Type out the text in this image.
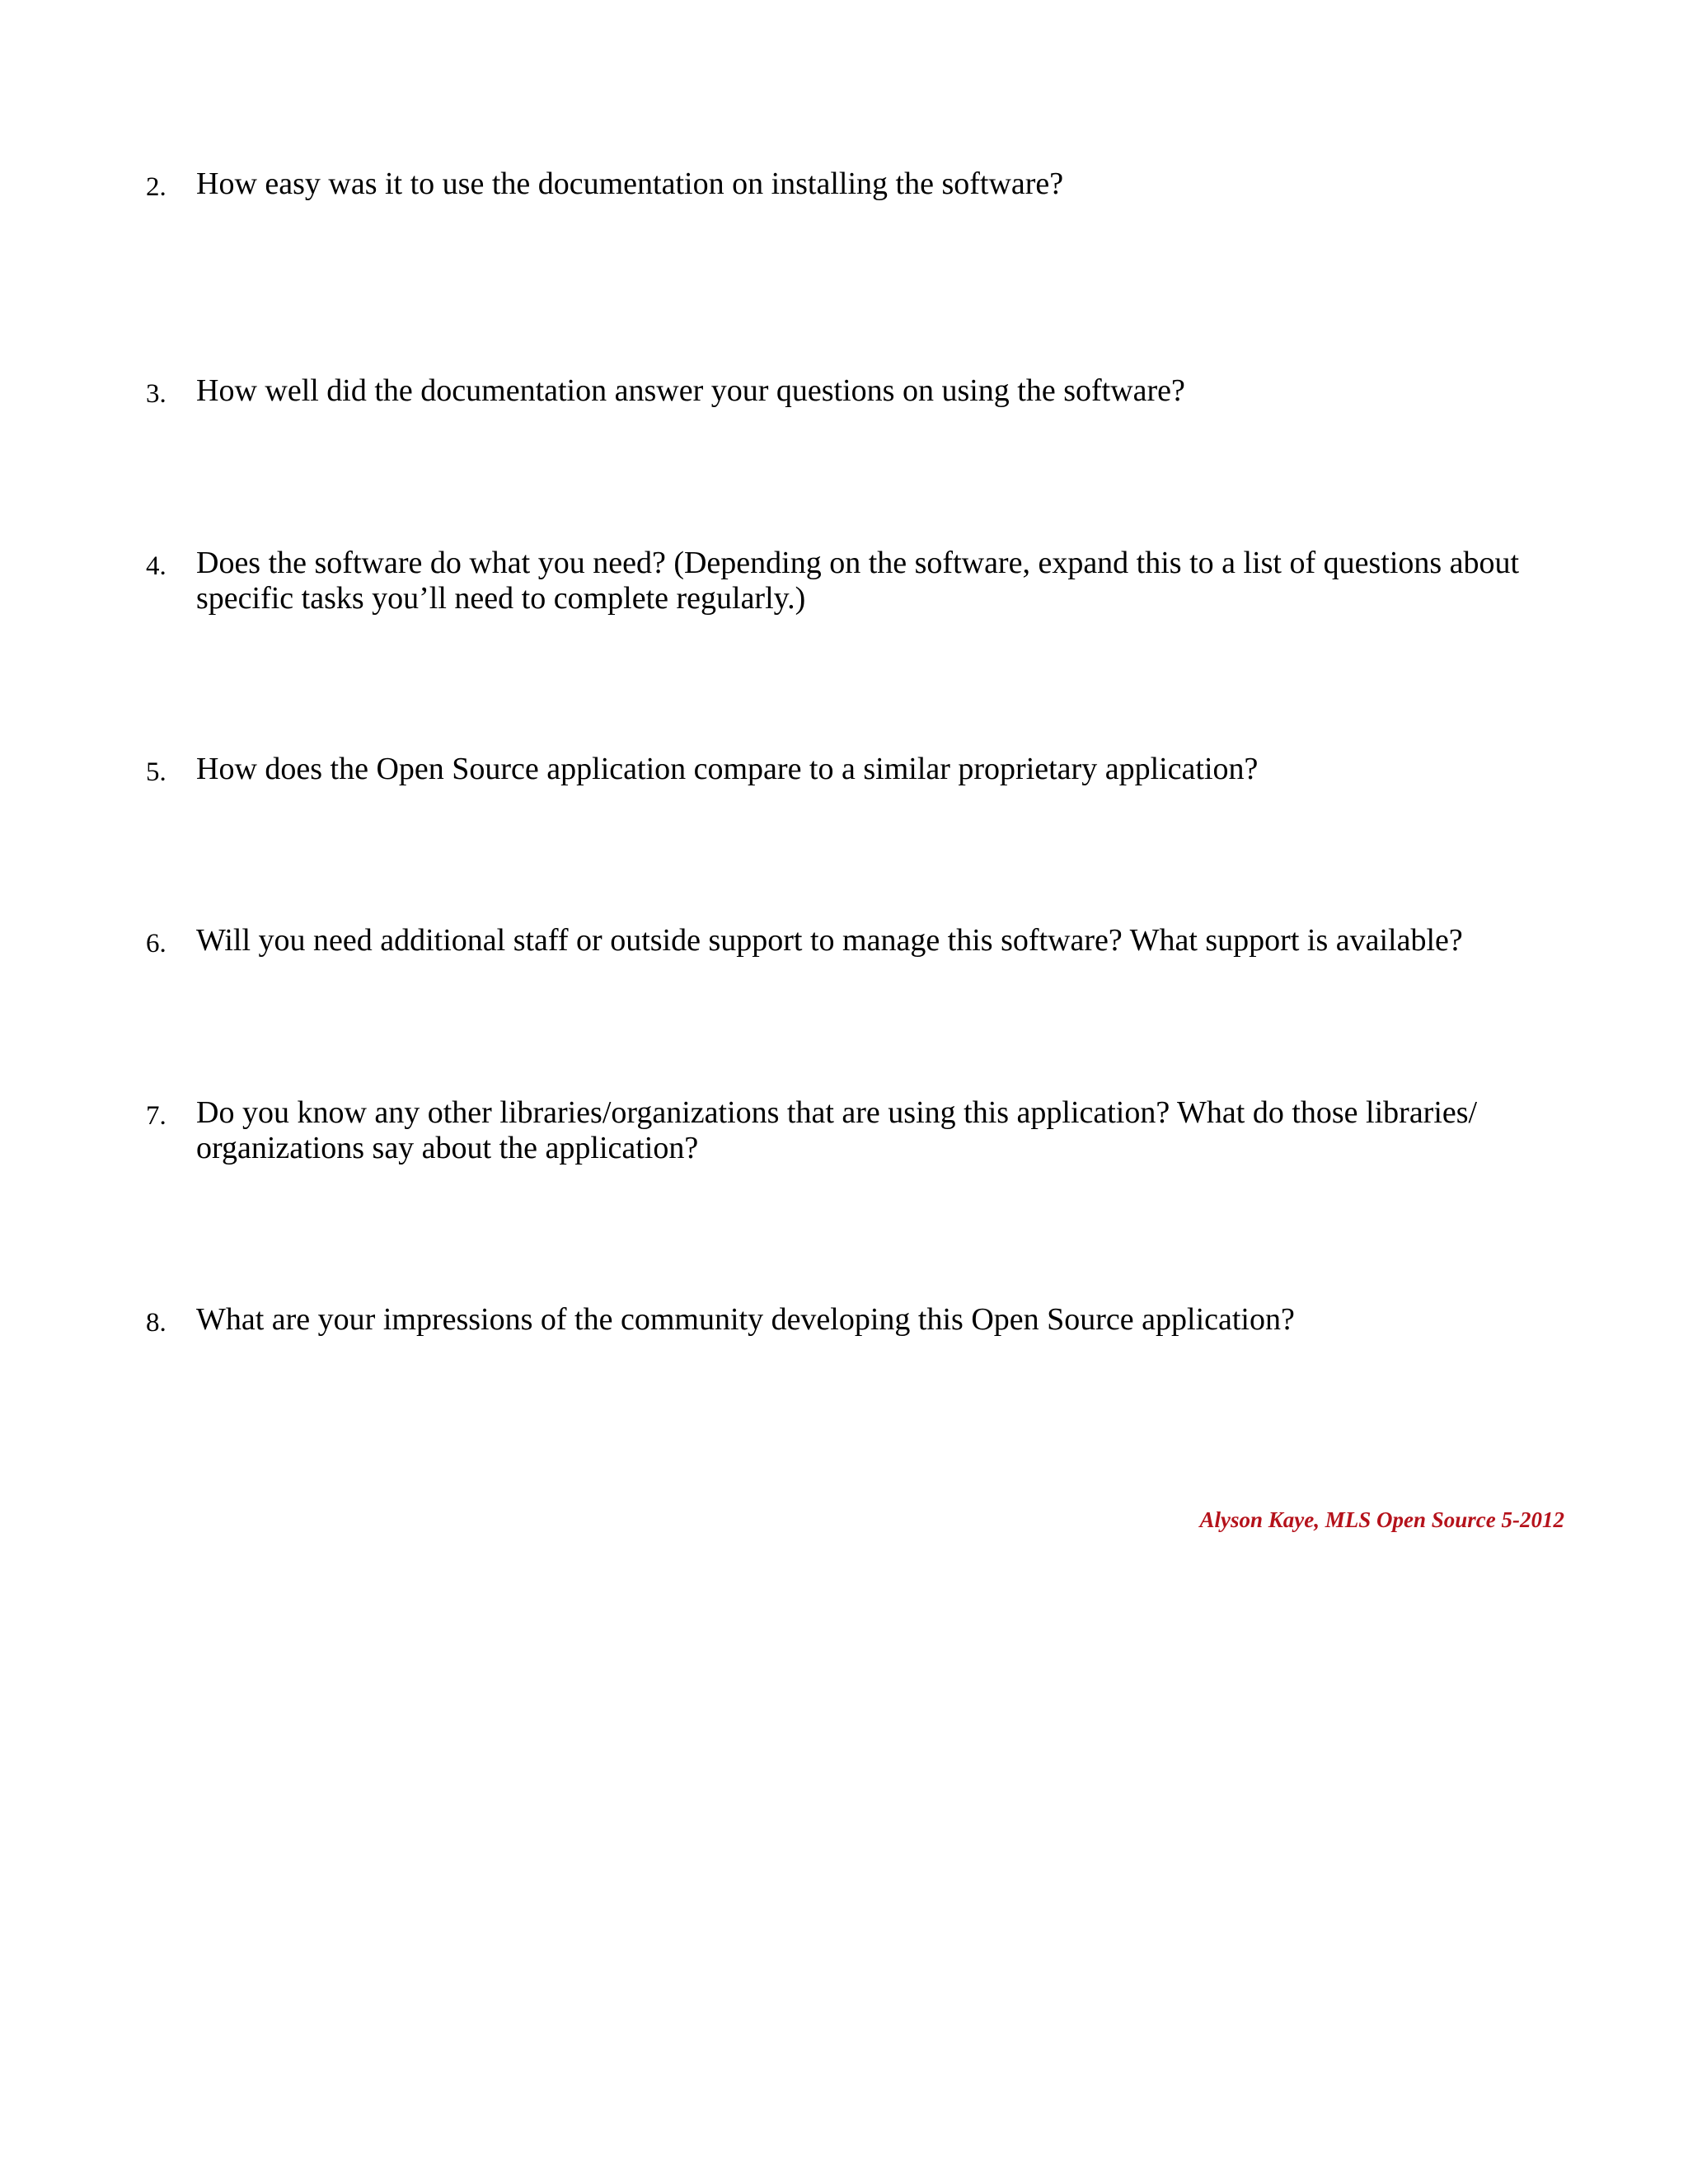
2. How easy was it to use the documentation on installing the software?
3. How well did the documentation answer your questions on using the software?
4. Does the software do what you need? (Depending on the software, expand this to a list of questions about specific tasks you’ll need to complete regularly.)
5. How does the Open Source application compare to a similar proprietary application?
6. Will you need additional staff or outside support to manage this software? What support is available?
7. Do you know any other libraries/organizations that are using this application? What do those libraries/ organizations say about the application?
8. What are your impressions of the community developing this Open Source application?
Alyson Kaye, MLS Open Source 5-2012
